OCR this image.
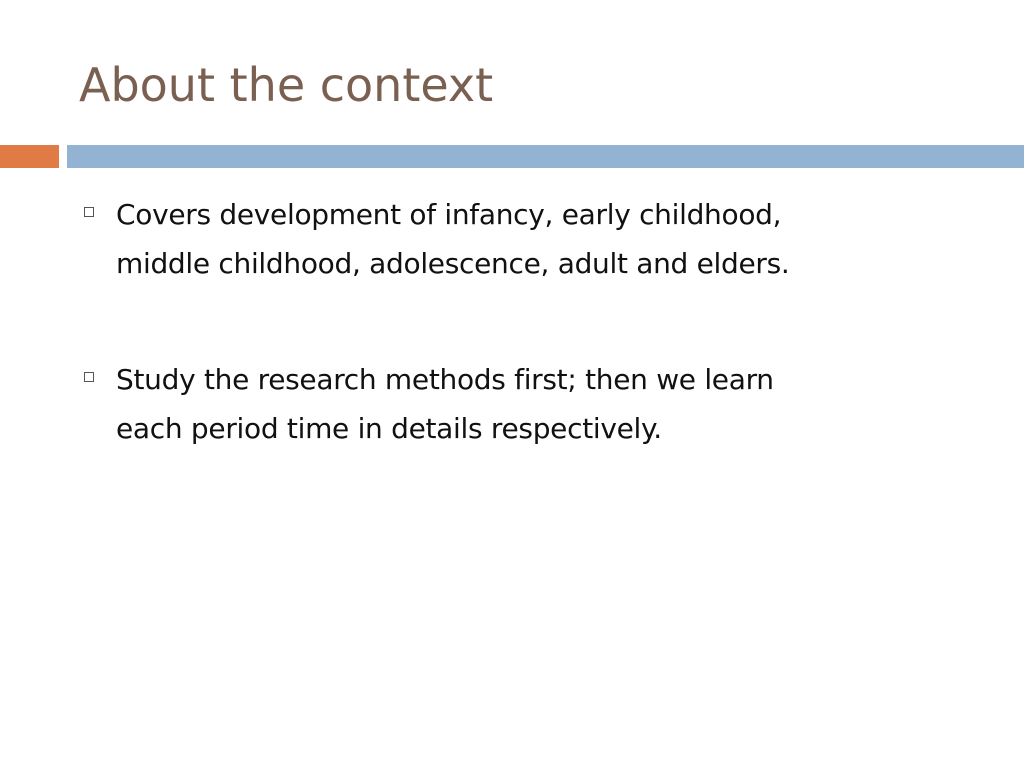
About the context
Covers development of infancy, early childhood,
middle childhood, adolescence, adult and elders.
Study the research methods first; then we learn
each period time in details respectively.
